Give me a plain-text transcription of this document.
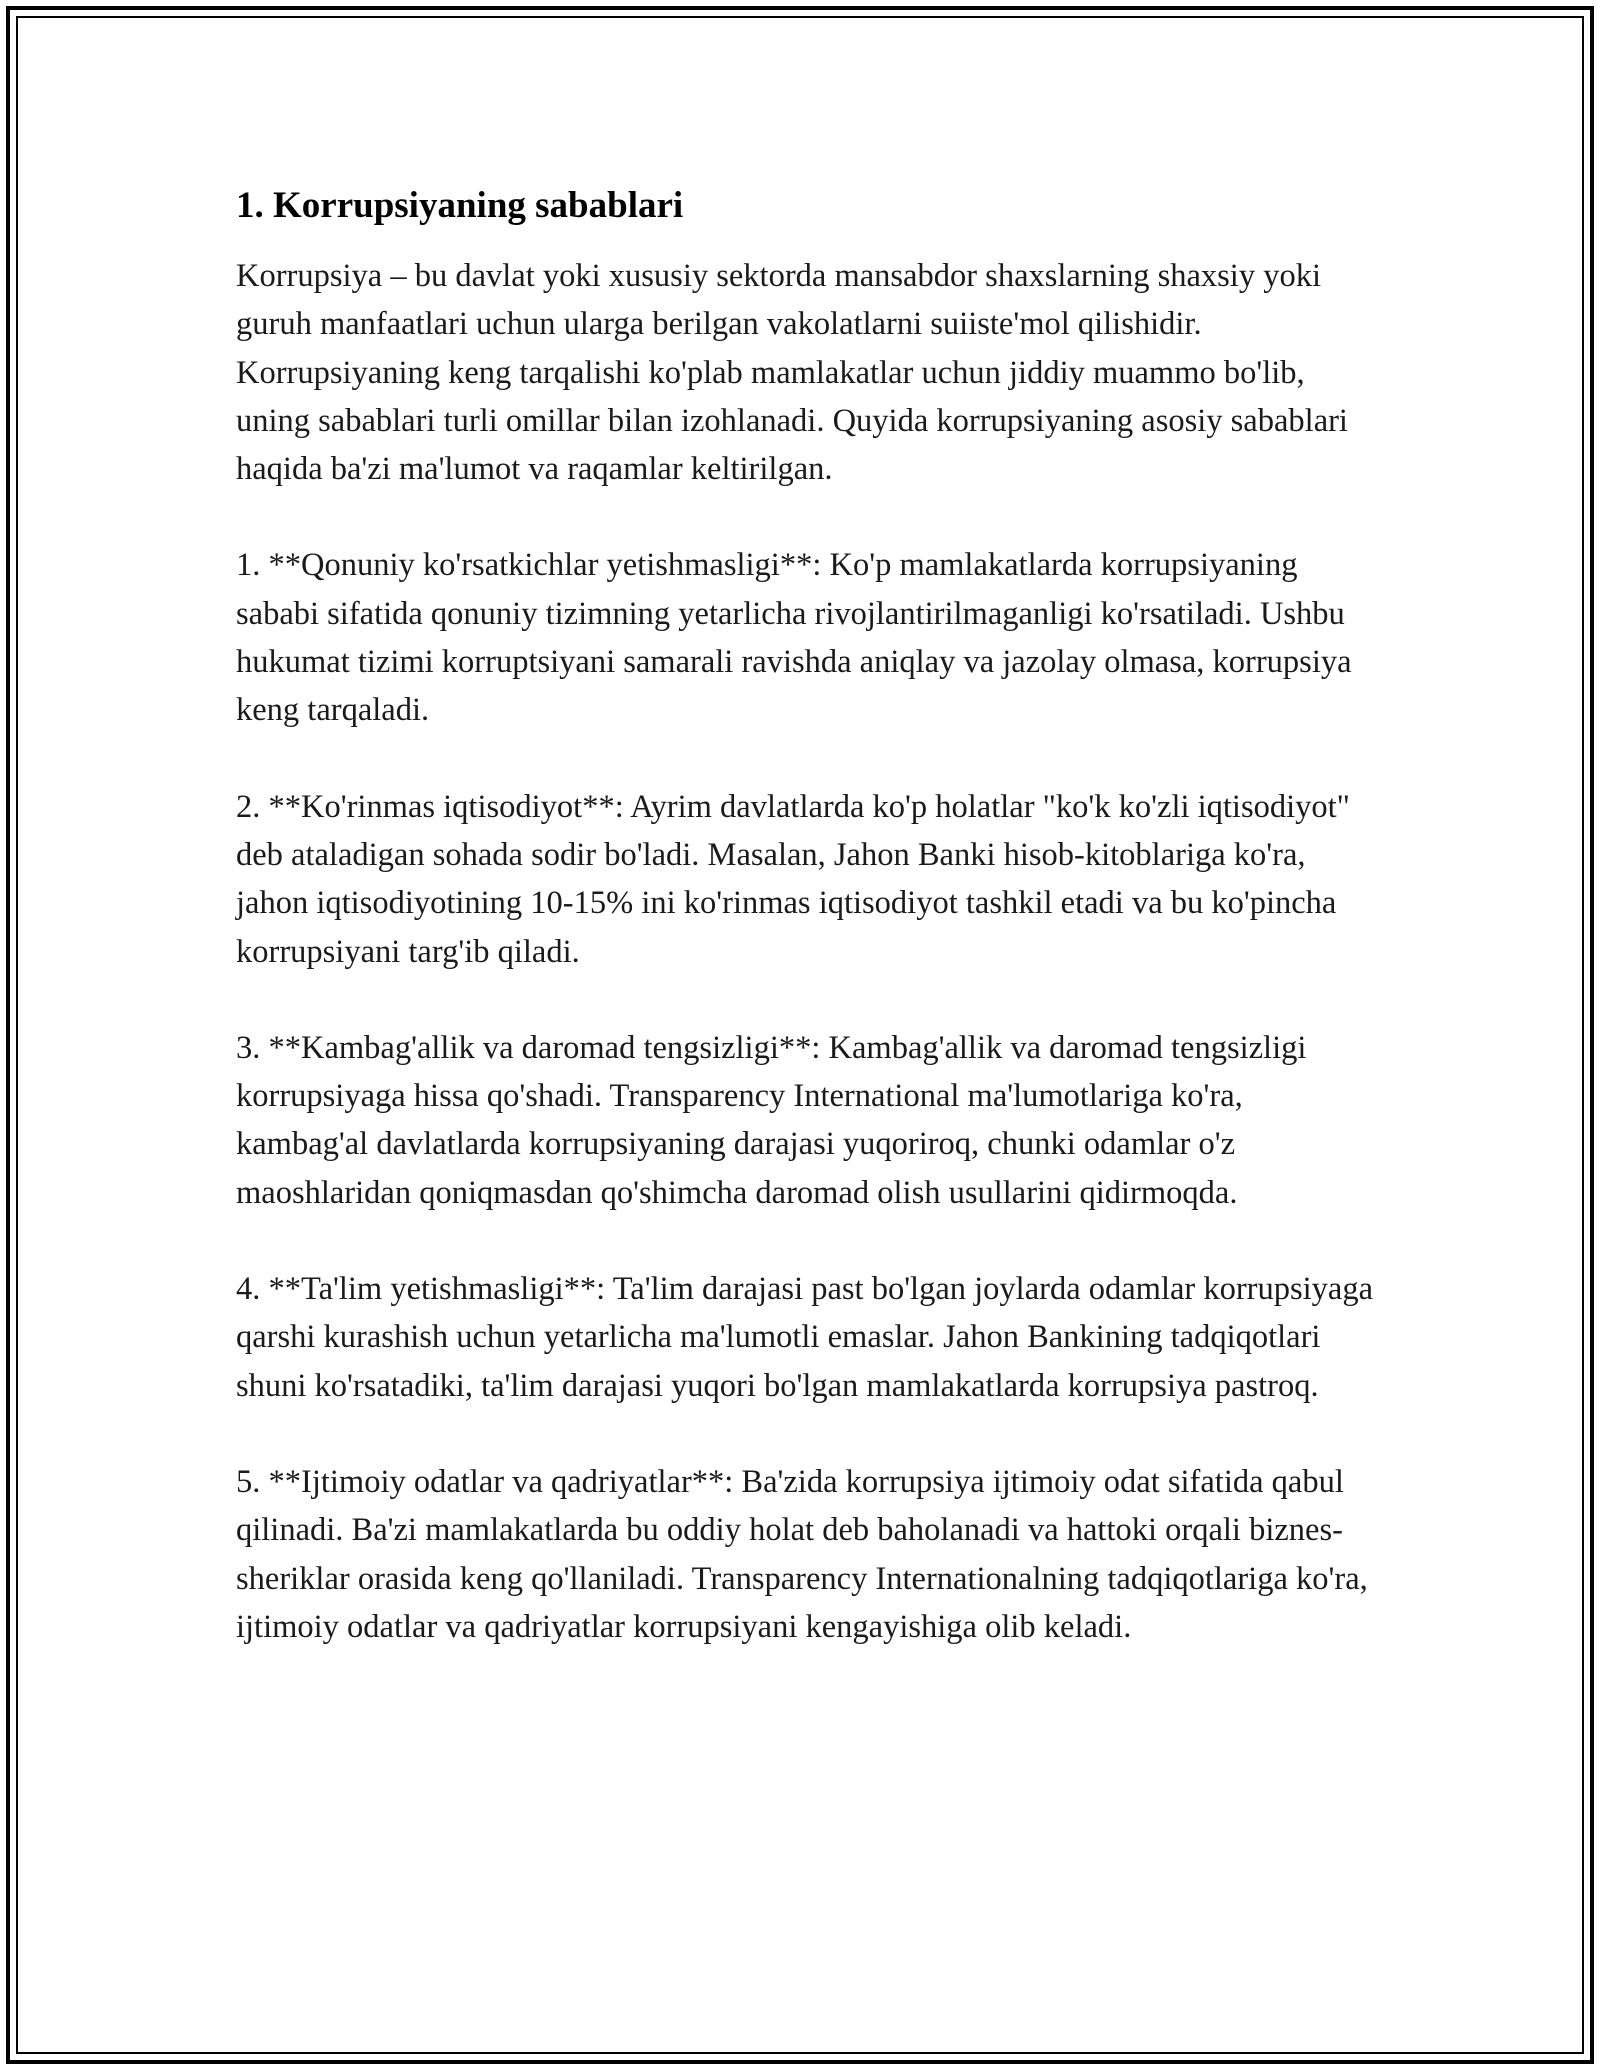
1. Korrupsiyaning sabablari

Korrupsiya – bu davlat yoki xususiy sektorda mansabdor shaxslarning shaxsiy yoki guruh manfaatlari uchun ularga berilgan vakolatlarni suiiste'mol qilishidir. Korrupsiyaning keng tarqalishi ko'plab mamlakatlar uchun jiddiy muammo bo'lib, uning sabablari turli omillar bilan izohlanadi. Quyida korrupsiyaning asosiy sabablari haqida ba'zi ma'lumot va raqamlar keltirilgan.

1. **Qonuniy ko'rsatkichlar yetishmasligi**: Ko'p mamlakatlarda korrupsiyaning sababi sifatida qonuniy tizimning yetarlicha rivojlantirilmaganligi ko'rsatiladi. Ushbu hukumat tizimi korruptsiyani samarali ravishda aniqlay va jazolay olmasa, korrupsiya keng tarqaladi.

2. **Ko'rinmas iqtisodiyot**: Ayrim davlatlarda ko'p holatlar "ko'k ko'zli iqtisodiyot" deb ataladigan sohada sodir bo'ladi. Masalan, Jahon Banki hisob-kitoblariga ko'ra, jahon iqtisodiyotining 10-15% ini ko'rinmas iqtisodiyot tashkil etadi va bu ko'pincha korrupsiyani targ'ib qiladi.

3. **Kambag'allik va daromad tengsizligi**: Kambag'allik va daromad tengsizligi korrupsiyaga hissa qo'shadi. Transparency International ma'lumotlariga ko'ra, kambag'al davlatlarda korrupsiyaning darajasi yuqoriroq, chunki odamlar o'z maoshlaridan qoniqmasdan qo'shimcha daromad olish usullarini qidirmoqda.

4. **Ta'lim yetishmasligi**: Ta'lim darajasi past bo'lgan joylarda odamlar korrupsiyaga qarshi kurashish uchun yetarlicha ma'lumotli emaslar. Jahon Bankining tadqiqotlari shuni ko'rsatadiki, ta'lim darajasi yuqori bo'lgan mamlakatlarda korrupsiya pastroq.

5. **Ijtimoiy odatlar va qadriyatlar**: Ba'zida korrupsiya ijtimoiy odat sifatida qabul qilinadi. Ba'zi mamlakatlarda bu oddiy holat deb baholanadi va hattoki orqali biznes-sheriklar orasida keng qo'llaniladi. Transparency Internationalning tadqiqotlariga ko'ra, ijtimoiy odatlar va qadriyatlar korrupsiyani kengayishiga olib keladi.
